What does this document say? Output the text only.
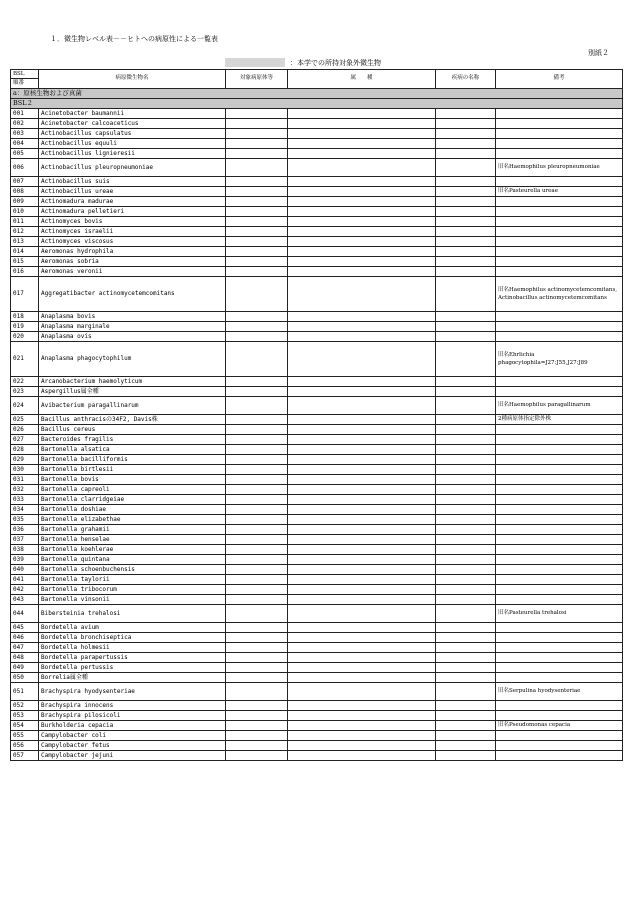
１．微生物レベル表－－ヒトへの病原性による一覧表
別紙２
：本学での所持対象外微生物
BSL	病原微生物名	対象病原体等	属　　種	疾病の名称	備考
順番					
a：原核生物および真菌					
BSL２					
001	Acinetobacter baumannii				
002	Acinetobacter calcoaceticus				
003	Actinobacillus capsulatus				
004	Actinobacillus equuli				
005	Actinobacillus lignieresii				
006	Actinobacillus pleuropneumoniae				旧名Haemophilus pleuropneumoniae
007	Actinobacillus suis				
008	Actinobacillus ureae				旧名Pasteurella ureae
009	Actinomadura madurae				
010	Actinomadura pelletieri				
011	Actinomyces bovis				
012	Actinomyces israelii				
013	Actinomyces viscosus				
014	Aeromonas hydrophila				
015	Aeromonas sobria				
016	Aeromonas veronii				
017	Aggregatibacter actinomycetemcomitans				旧名Haemophilus actinomycetemcomitans, Actinobacillus actinomycetemcomitans
018	Anaplasma bovis				
019	Anaplasma marginale				
020	Anaplasma ovis				
021	Anaplasma phagocytophilum				旧名Ehrlichia phagocytophila=J27:J55,J27:J89
022	Arcanobacterium haemolyticum				
023	Aspergillus属全種				
024	Avibacterium paragallinarum				旧名Haemophilus paragallinarum
025	Bacillus anthracisの34F2, Davis株				2種病原体指定除外株
026	Bacillus cereus				
027	Bacteroides fragilis				
028	Bartonella alsatica				
029	Bartonella bacilliformis				
030	Bartonella birtlesii				
031	Bartonella bovis				
032	Bartonella capreoli				
033	Bartonella clarridgeiae				
034	Bartonella doshiae				
035	Bartonella elizabethae				
036	Bartonella grahamii				
037	Bartonella henselae				
038	Bartonella koehlerae				
039	Bartonella quintana				
040	Bartonella schoenbuchensis				
041	Bartonella taylorii				
042	Bartonella tribocorum				
043	Bartonella vinsonii				
044	Bibersteinia trehalosi				旧名Pasteurella trehalosi
045	Bordetella avium				
046	Bordetella bronchiseptica				
047	Bordetella holmesii				
048	Bordetella parapertussis				
049	Bordetella pertussis				
050	Borrelia属全種				
051	Brachyspira hyodysenteriae				旧名Serpulina hyodysenteriae
052	Brachyspira innocens				
053	Brachyspira pilosicoli				
054	Burkholderia cepacia				旧名Pseudomonas cepacia
055	Campylobacter coli				
056	Campylobacter fetus				
057	Campylobacter jejuni				
